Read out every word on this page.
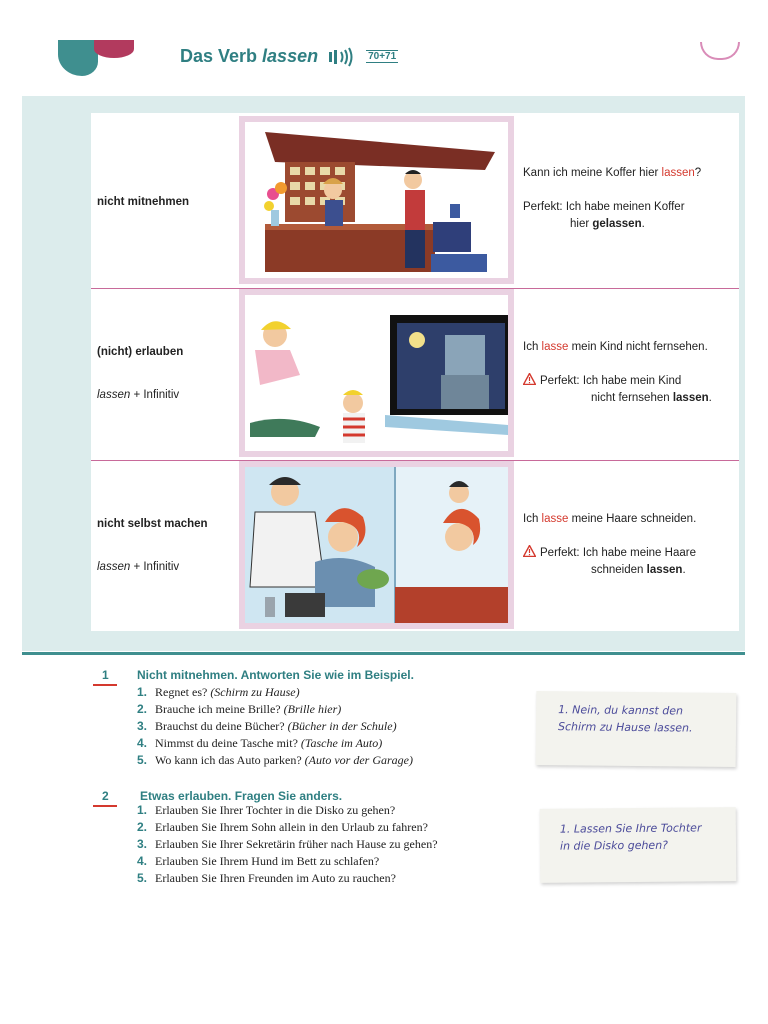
Das Verb lassen	70+71
nicht mitnehmen
Kann ich meine Koffer hier lassen?
Perfekt: Ich habe meinen Koffer
hier gelassen.
(nicht) erlauben
lassen + Infinitiv
Ich lasse mein Kind nicht fernsehen.
Perfekt: Ich habe mein Kind
nicht fernsehen lassen.
nicht selbst machen
lassen + Infinitiv
Ich lasse meine Haare schneiden.
Perfekt: Ich habe meine Haare
schneiden lassen.
1 Nicht mitnehmen. Antworten Sie wie im Beispiel.
1. Regnet es? (Schirm zu Hause)
2. Brauche ich meine Brille? (Brille hier)
3. Brauchst du deine Bücher? (Bücher in der Schule)
4. Nimmst du deine Tasche mit? (Tasche im Auto)
5. Wo kann ich das Auto parken? (Auto vor der Garage)
1. Nein, du kannst den
Schirm zu Hause lassen.
2	Etwas erlauben. Fragen Sie anders.
1. Erlauben Sie Ihrer Tochter in die Disko zu gehen?
2. Erlauben Sie Ihrem Sohn allein in den Urlaub zu fahren?
3. Erlauben Sie Ihrer Sekretärin früher nach Hause zu gehen?
4. Erlauben Sie Ihrem Hund im Bett zu schlafen?
5. Erlauben Sie Ihren Freunden im Auto zu rauchen?
1. Lassen Sie Ihre Tochter
in die Disko gehen?
